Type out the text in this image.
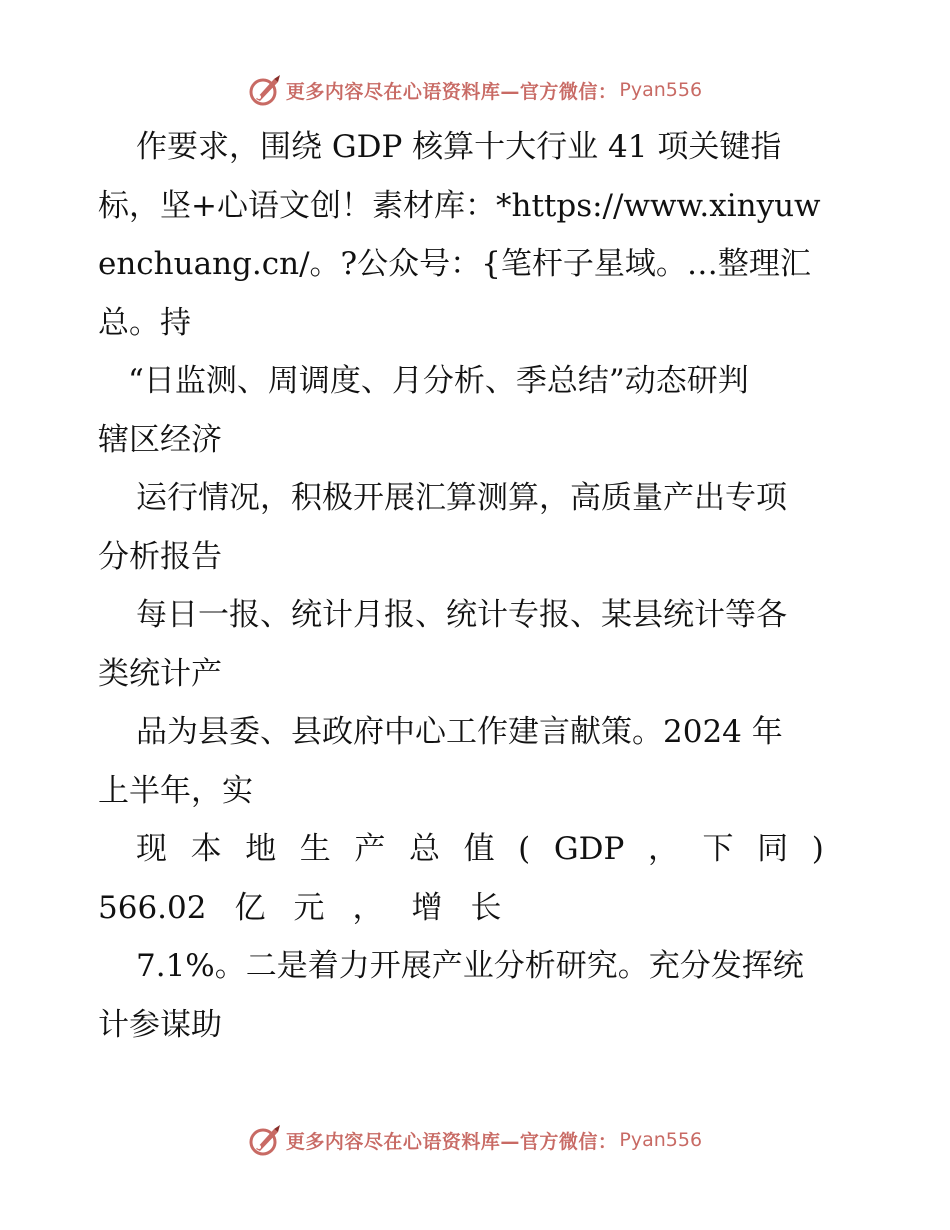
更多内容尽在心语资料库—官方微信： Pyan556
作要求，围绕 GDP 核算十大行业 41 项关键指
标，坚+心语文创！素材库：*https://www.xinyuw
enchuang.cn/。?公众号：{笔杆子星域。…整理汇
总。持
“日监测、周调度、月分析、季总结”动态研判
辖区经济
运行情况，积极开展汇算测算，高质量产出专项
分析报告
每日一报、统计月报、统计专报、某县统计等各
类统计产
品为县委、县政府中心工作建言献策。2024 年
上半年，实
现 本 地 生 产 总 值 ( GDP ， 下 同 )
566.02 亿 元 ， 增 长
7.1%。二是着力开展产业分析研究。充分发挥统
计参谋助
更多内容尽在心语资料库—官方微信： Pyan556
